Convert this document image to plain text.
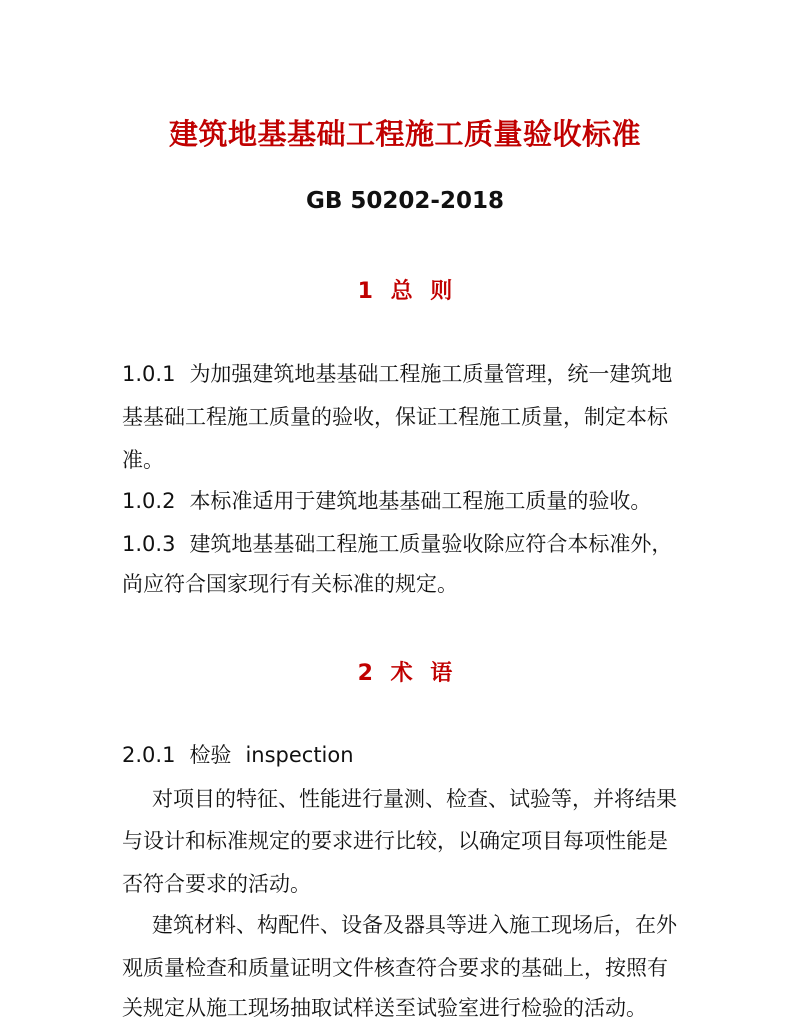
建筑地基基础工程施工质量验收标准
GB 50202-2018
1 总 则
1.0.1 为加强建筑地基基础工程施工质量管理，统一建筑地
基基础工程施工质量的验收，保证工程施工质量，制定本标
准。
1.0.2 本标准适用于建筑地基基础工程施工质量的验收。
1.0.3 建筑地基基础工程施工质量验收除应符合本标准外，
尚应符合国家现行有关标准的规定。
2 术 语
2.0.1 检验 inspection
对项目的特征、性能进行量测、检查、试验等，并将结果
与设计和标准规定的要求进行比较，以确定项目每项性能是
否符合要求的活动。
建筑材料、构配件、设备及器具等进入施工现场后，在外
观质量检查和质量证明文件核查符合要求的基础上，按照有
关规定从施工现场抽取试样送至试验室进行检验的活动。
